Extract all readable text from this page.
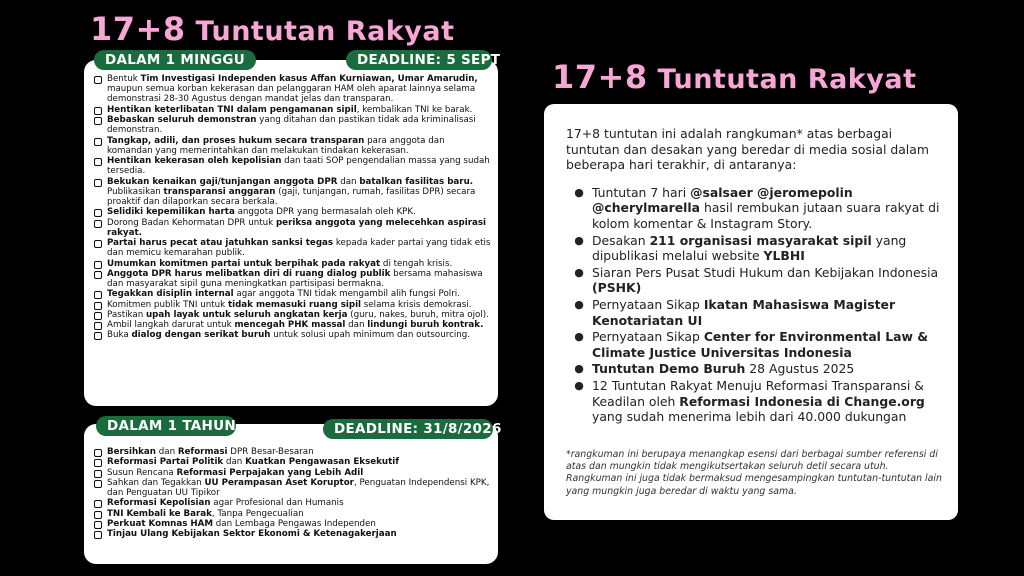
17+8 Tuntutan Rakyat
DALAM 1 MINGGU	DEADLINE: 5 SEPT
Bentuk Tim Investigasi Independen kasus Affan Kurniawan, Umar Amarudin, maupun semua korban kekerasan dan pelanggaran HAM oleh aparat lainnya selama demonstrasi 28-30 Agustus dengan mandat jelas dan transparan.
Hentikan keterlibatan TNI dalam pengamanan sipil, kembalikan TNI ke barak.
Bebaskan seluruh demonstran yang ditahan dan pastikan tidak ada kriminalisasi demonstran.
Tangkap, adili, dan proses hukum secara transparan para anggota dan komandan yang memerintahkan dan melakukan tindakan kekerasan.
Hentikan kekerasan oleh kepolisian dan taati SOP pengendalian massa yang sudah tersedia.
Bekukan kenaikan gaji/tunjangan anggota DPR dan batalkan fasilitas baru. Publikasikan transparansi anggaran (gaji, tunjangan, rumah, fasilitas DPR) secara proaktif dan dilaporkan secara berkala.
Selidiki kepemilikan harta anggota DPR yang bermasalah oleh KPK.
Dorong Badan Kehormatan DPR untuk periksa anggota yang melecehkan aspirasi rakyat.
Partai harus pecat atau jatuhkan sanksi tegas kepada kader partai yang tidak etis dan memicu kemarahan publik.
Umumkan komitmen partai untuk berpihak pada rakyat di tengah krisis.
Anggota DPR harus melibatkan diri di ruang dialog publik bersama mahasiswa dan masyarakat sipil guna meningkatkan partisipasi bermakna.
Tegakkan disiplin internal agar anggota TNI tidak mengambil alih fungsi Polri.
Komitmen publik TNI untuk tidak memasuki ruang sipil selama krisis demokrasi.
Pastikan upah layak untuk seluruh angkatan kerja (guru, nakes, buruh, mitra ojol).
Ambil langkah darurat untuk mencegah PHK massal dan lindungi buruh kontrak.
Buka dialog dengan serikat buruh untuk solusi upah minimum dan outsourcing.
DALAM 1 TAHUN	DEADLINE: 31/8/2026
Bersihkan dan Reformasi DPR Besar-Besaran
Reformasi Partai Politik dan Kuatkan Pengawasan Eksekutif
Susun Rencana Reformasi Perpajakan yang Lebih Adil
Sahkan dan Tegakkan UU Perampasan Aset Koruptor, Penguatan Independensi KPK, dan Penguatan UU Tipikor
Reformasi Kepolisian agar Profesional dan Humanis
TNI Kembali ke Barak, Tanpa Pengecualian
Perkuat Komnas HAM dan Lembaga Pengawas Independen
Tinjau Ulang Kebijakan Sektor Ekonomi & Ketenagakerjaan
17+8 Tuntutan Rakyat

17+8 tuntutan ini adalah rangkuman* atas berbagai tuntutan dan desakan yang beredar di media sosial dalam beberapa hari terakhir, di antaranya:

● Tuntutan 7 hari @salsaer @jeromepolin @cherylmarella hasil rembukan jutaan suara rakyat di kolom komentar & Instagram Story.
● Desakan 211 organisasi masyarakat sipil yang dipublikasi melalui website YLBHI
● Siaran Pers Pusat Studi Hukum dan Kebijakan Indonesia (PSHK)
● Pernyataan Sikap Ikatan Mahasiswa Magister Kenotariatan UI
● Pernyataan Sikap Center for Environmental Law & Climate Justice Universitas Indonesia
● Tuntutan Demo Buruh 28 Agustus 2025
● 12 Tuntutan Rakyat Menuju Reformasi Transparansi & Keadilan oleh Reformasi Indonesia di Change.org yang sudah menerima lebih dari 40.000 dukungan

*rangkuman ini berupaya menangkap esensi dari berbagai sumber referensi di atas dan mungkin tidak mengikutsertakan seluruh detil secara utuh. Rangkuman ini juga tidak bermaksud mengesampingkan tuntutan-tuntutan lain yang mungkin juga beredar di waktu yang sama.
